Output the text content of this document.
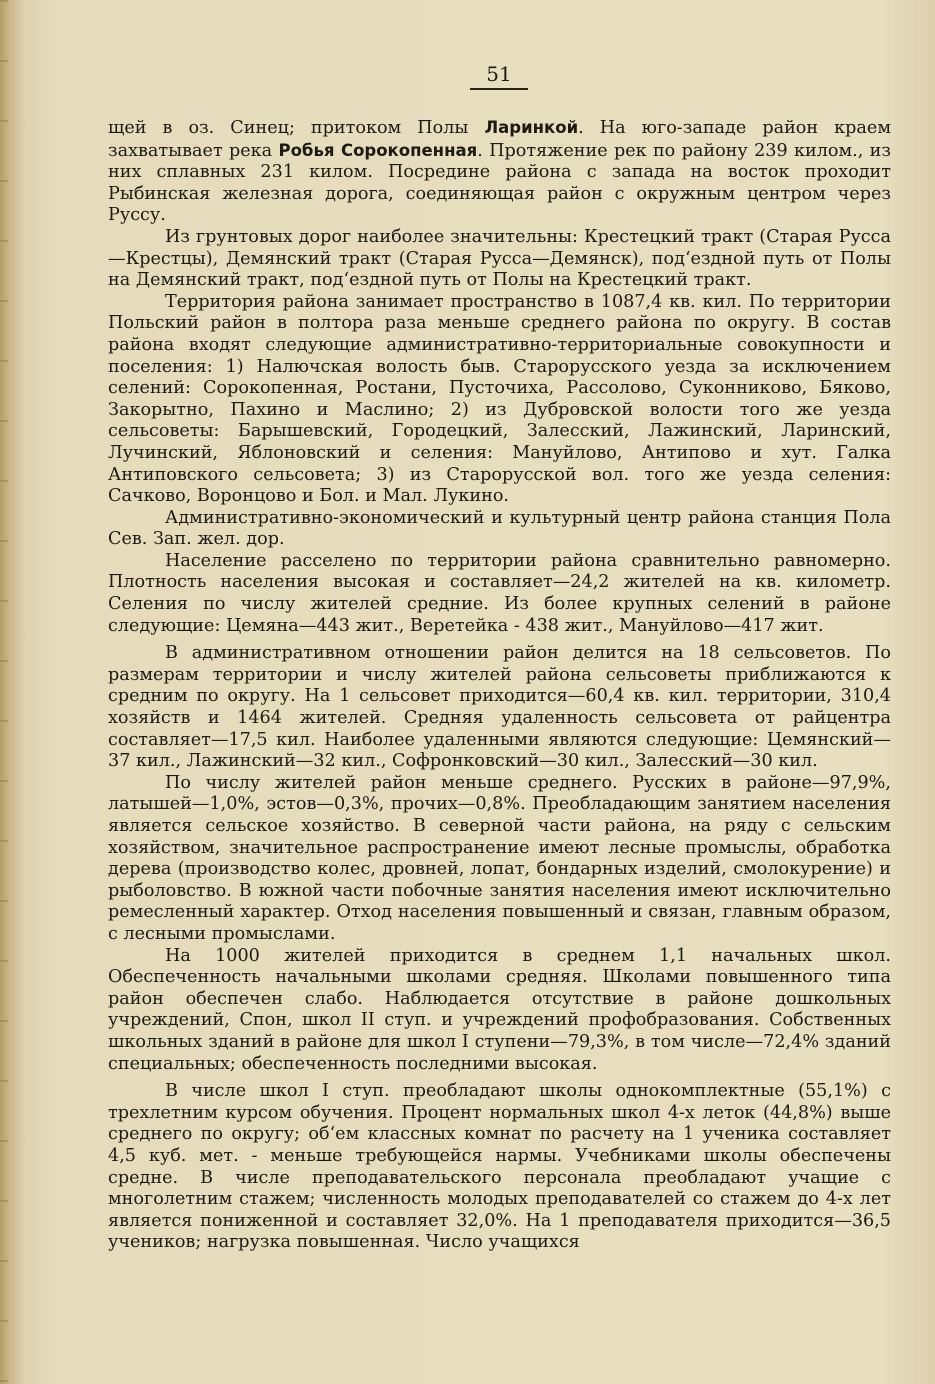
51

щей в оз. Синец; притоком Полы Ларинкой. На юго-западе район краем захватывает река Робья Сорокопенная. Протяжение рек по району 239 килом., из них сплавных 231 килом. Посредине района с запада на восток проходит Рыбинская железная дорога, соединяющая район с окружным центром через Руссу.

Из грунтовых дорог наиболее значительны: Крестецкий тракт (Старая Русса—Крестцы), Демянский тракт (Старая Русса—Демянск), под‘ездной путь от Полы на Демянский тракт, под‘ездной путь от Полы на Крестецкий тракт.

Территория района занимает пространство в 1087,4 кв. кил. По территории Польский район в полтора раза меньше среднего района по округу. В состав района входят следующие административно-территориальные совокупности и поселения: 1) Налючская волость быв. Старорусского уезда за исключением селений: Сорокопенная, Ростани, Пусточиха, Рассолово, Суконниково, Бяково, Закорытно, Пахино и Маслино; 2) из Дубровской волости того же уезда сельсоветы: Барышевский, Городецкий, Залесский, Лажинский, Ларинский, Лучинский, Яблоновский и селения: Мануйлово, Антипово и хут. Галка Антиповского сельсовета; 3) из Старорусской вол. того же уезда селения: Сачково, Воронцово и Бол. и Мал. Лукино.

Административно-экономический и культурный центр района станция Пола Сев. Зап. жел. дор.

Население расселено по территории района сравнительно равномерно. Плотность населения высокая и составляет—24,2 жителей на кв. километр. Селения по числу жителей средние. Из более крупных селений в районе следующие: Цемяна—443 жит., Веретейка - 438 жит., Мануйлово—417 жит.

В административном отношении район делится на 18 сельсоветов. По размерам территории и числу жителей района сельсоветы приближаются к средним по округу. На 1 сельсовет приходится—60,4 кв. кил. территории, 310,4 хозяйств и 1464 жителей. Средняя удаленность сельсовета от райцентра составляет—17,5 кил. Наиболее удаленными являются следующие: Цемянский—37 кил., Лажинский—32 кил., Софронковский—30 кил., Залесский—30 кил.

По числу жителей район меньше среднего. Русских в районе—97,9%, латышей—1,0%, эстов—0,3%, прочих—0,8%. Преобладающим занятием населения является сельское хозяйство. В северной части района, на ряду с сельским хозяйством, значительное распространение имеют лесные промыслы, обработка дерева (производство колес, дровней, лопат, бондарных изделий, смолокурение) и рыболовство. В южной части побочные занятия населения имеют исключительно ремесленный характер. Отход населения повышенный и связан, главным образом, с лесными промыслами.

На 1000 жителей приходится в среднем 1,1 начальных школ. Обеспеченность начальными школами средняя. Школами повышенного типа район обеспечен слабо. Наблюдается отсутствие в районе дошкольных учреждений, Спон, школ II ступ. и учреждений профобразования. Собственных школьных зданий в районе для школ I ступени—79,3%, в том числе—72,4% зданий специальных; обеспеченность последними высокая.

В числе школ I ступ. преобладают школы однокомплектные (55,1%) с трехлетним курсом обучения. Процент нормальных школ 4-х леток (44,8%) выше среднего по округу; об‘ем классных комнат по расчету на 1 ученика составляет 4,5 куб. мет. - меньше требующейся нармы. Учебниками школы обеспечены средне. В числе преподавательского персонала преобладают учащие с многолетним стажем; численность молодых преподавателей со стажем до 4-х лет является пониженной и составляет 32,0%. На 1 преподавателя приходится—36,5 учеников; нагрузка повышенная. Число учащихся
